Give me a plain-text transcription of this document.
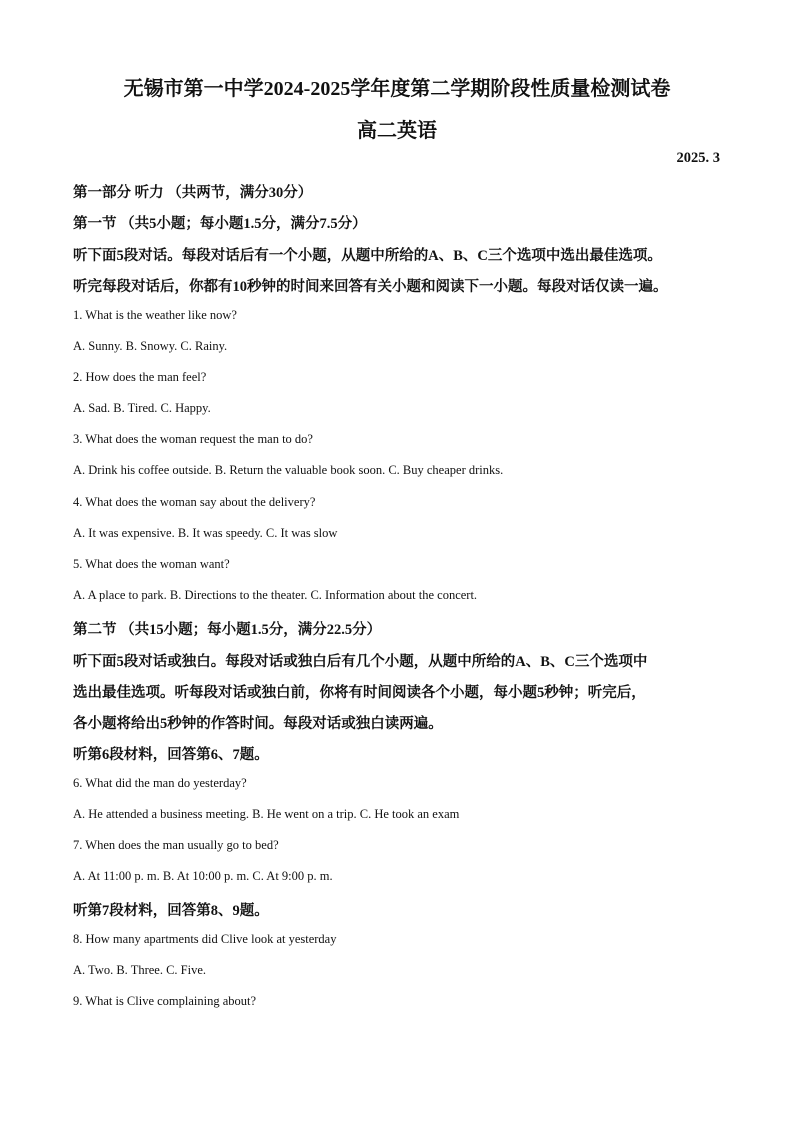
无锡市第一中学2024-2025学年度第二学期阶段性质量检测试卷
高二英语
2025. 3
第一部分 听力 （共两节，满分30分）
第一节 （共5小题；每小题1.5分，满分7.5分）
听下面5段对话。每段对话后有一个小题，从题中所给的A、B、C三个选项中选出最佳选项。
听完每段对话后，你都有10秒钟的时间来回答有关小题和阅读下一小题。每段对话仅读一遍。
1. What is the weather like now?
A. Sunny. B. Snowy. C. Rainy.
2. How does the man feel?
A. Sad. B. Tired. C. Happy.
3. What does the woman request the man to do?
A. Drink his coffee outside. B. Return the valuable book soon. C. Buy cheaper drinks.
4. What does the woman say about the delivery?
A. It was expensive. B. It was speedy. C. It was slow
5. What does the woman want?
A. A place to park. B. Directions to the theater. C. Information about the concert.
第二节 （共15小题；每小题1.5分，满分22.5分）
听下面5段对话或独白。每段对话或独白后有几个小题，从题中所给的A、B、C三个选项中
选出最佳选项。听每段对话或独白前，你将有时间阅读各个小题，每小题5秒钟；听完后，
各小题将给出5秒钟的作答时间。每段对话或独白读两遍。
听第6段材料，回答第6、7题。
6. What did the man do yesterday?
A. He attended a business meeting. B. He went on a trip. C. He took an exam
7. When does the man usually go to bed?
A. At 11:00 p. m. B. At 10:00 p. m. C. At 9:00 p. m.
听第7段材料，回答第8、9题。
8. How many apartments did Clive look at yesterday
A. Two. B. Three. C. Five.
9. What is Clive complaining about?
